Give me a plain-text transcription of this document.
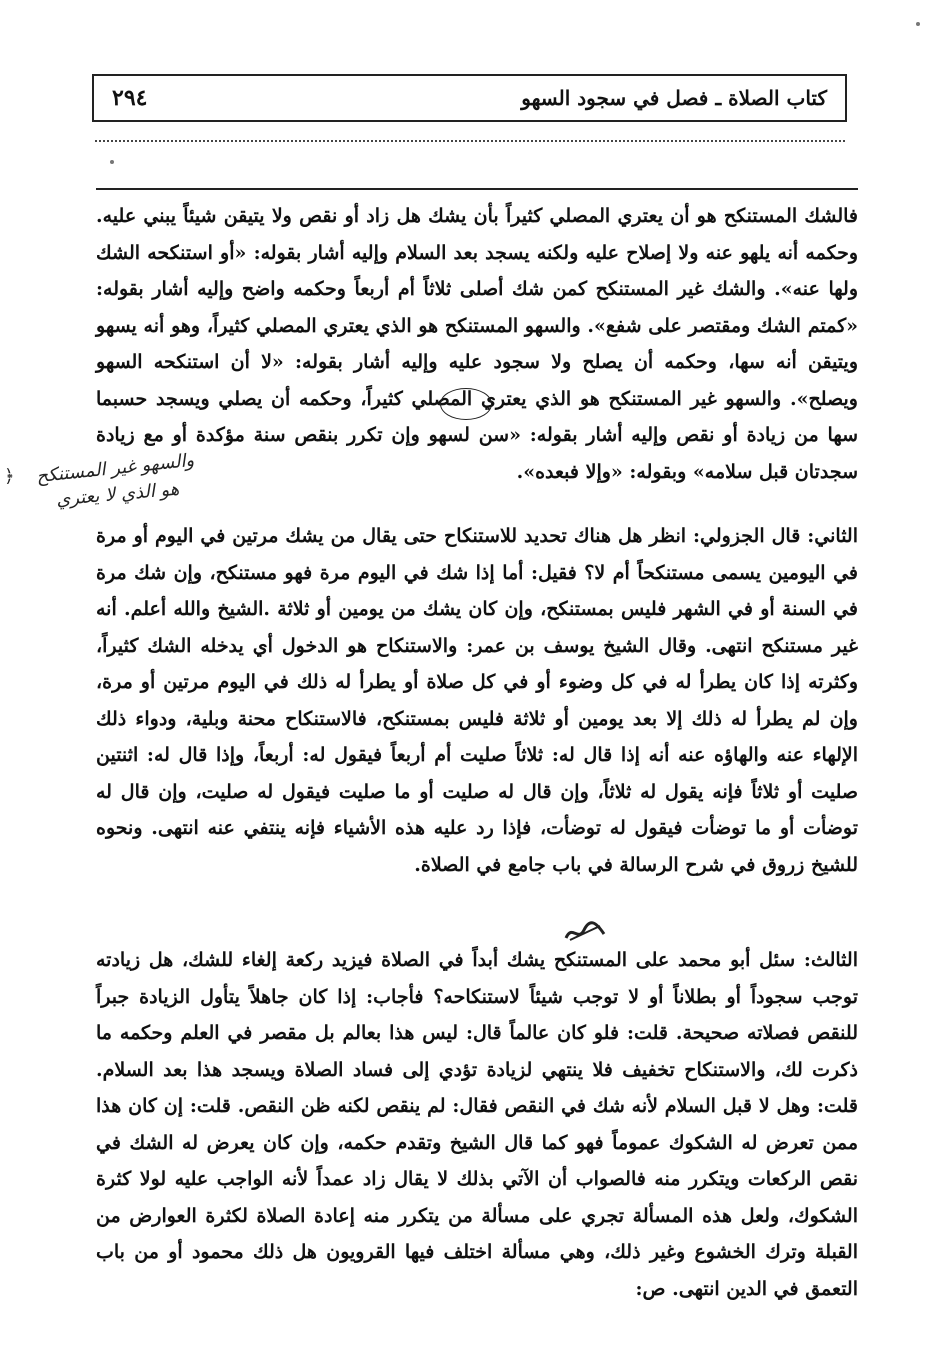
كتاب الصلاة ـ فصل في سجود السهو
٢٩٤
فالشك المستنكح هو أن يعتري المصلي كثيراً بأن يشك هل زاد أو نقص ولا يتيقن شيئاً يبني عليه. وحكمه أنه يلهو عنه ولا إصلاح عليه ولكنه يسجد بعد السلام وإليه أشار بقوله: «أو استنكحه الشك ولها عنه». والشك غير المستنكح كمن شك أصلى ثلاثاً أم أربعاً وحكمه واضح وإليه أشار بقوله: «كمتم الشك ومقتصر على شفع». والسهو المستنكح هو الذي يعتري المصلي كثيراً، وهو أنه يسهو ويتيقن أنه سها، وحكمه أن يصلح ولا سجود عليه وإليه أشار بقوله: «لا أن استنكحه السهو ويصلح». والسهو غير المستنكح هو الذي يعتري المصلي كثيراً، وحكمه أن يصلي ويسجد حسبما سها من زيادة أو نقص وإليه أشار بقوله: «سن لسهو وإن تكرر بنقص سنة مؤكدة أو مع زيادة سجدتان قبل سلامه» وبقوله: «وإلا فبعده».
الثاني: قال الجزولي: انظر هل هناك تحديد للاستنكاح حتى يقال من يشك مرتين في اليوم أو مرة في اليومين يسمى مستنكحاً أم لا؟ فقيل: أما إذا شك في اليوم مرة فهو مستنكح، وإن شك مرة في السنة أو في الشهر فليس بمستنكح، وإن كان يشك من يومين أو ثلاثة .الشيخ والله أعلم. أنه غير مستنكح انتهى. وقال الشيخ يوسف بن عمر: والاستنكاح هو الدخول أي يدخله الشك كثيراً، وكثرته إذا كان يطرأ له في كل وضوء أو في كل صلاة أو يطرأ له ذلك في اليوم مرتين أو مرة، وإن لم يطرأ له ذلك إلا بعد يومين أو ثلاثة فليس بمستنكح، فالاستنكاح محنة وبلية، ودواء ذلك الإلهاء عنه والهاؤه عنه أنه إذا قال له: ثلاثاً صليت أم أربعاً فيقول له: أربعاً، وإذا قال له: اثنتين صليت أو ثلاثاً فإنه يقول له ثلاثاً، وإن قال له صليت أو ما صليت فيقول له صليت، وإن قال له توضأت أو ما توضأت فيقول له توضأت، فإذا رد عليه هذه الأشياء فإنه ينتفي عنه انتهى. ونحوه للشيخ زروق في شرح الرسالة في باب جامع في الصلاة.
الثالث: سئل أبو محمد على المستنكح يشك أبداً في الصلاة فيزيد ركعة إلغاء للشك، هل زيادته توجب سجوداً أو بطلاناً أو لا توجب شيئاً لاستنكاحه؟ فأجاب: إذا كان جاهلاً يتأول الزيادة جبراً للنقص فصلاته صحيحة. قلت: فلو كان عالماً قال: ليس هذا بعالم بل مقصر في العلم وحكمه ما ذكرت لك، والاستنكاح تخفيف فلا ينتهي لزيادة تؤدي إلى فساد الصلاة ويسجد هذا بعد السلام. قلت: وهل لا قبل السلام لأنه شك في النقص فقال: لم ينقص لكنه ظن النقص. قلت: إن كان هذا ممن تعرض له الشكوك عموماً فهو كما قال الشيخ وتقدم حكمه، وإن كان يعرض له الشك في نقص الركعات ويتكرر منه فالصواب أن الآتي بذلك لا يقال زاد عمداً لأنه الواجب عليه لولا كثرة الشكوك، ولعل هذه المسألة تجري على مسألة من يتكرر منه إعادة الصلاة لكثرة العوارض من القبلة وترك الخشوع وغير ذلك، وهي مسألة اختلف فيها القرويون هل ذلك محمود أو من باب التعمق في الدين انتهى. ص:
والسهو غير المستنكح
هو الذي لا يعتري
﴿
